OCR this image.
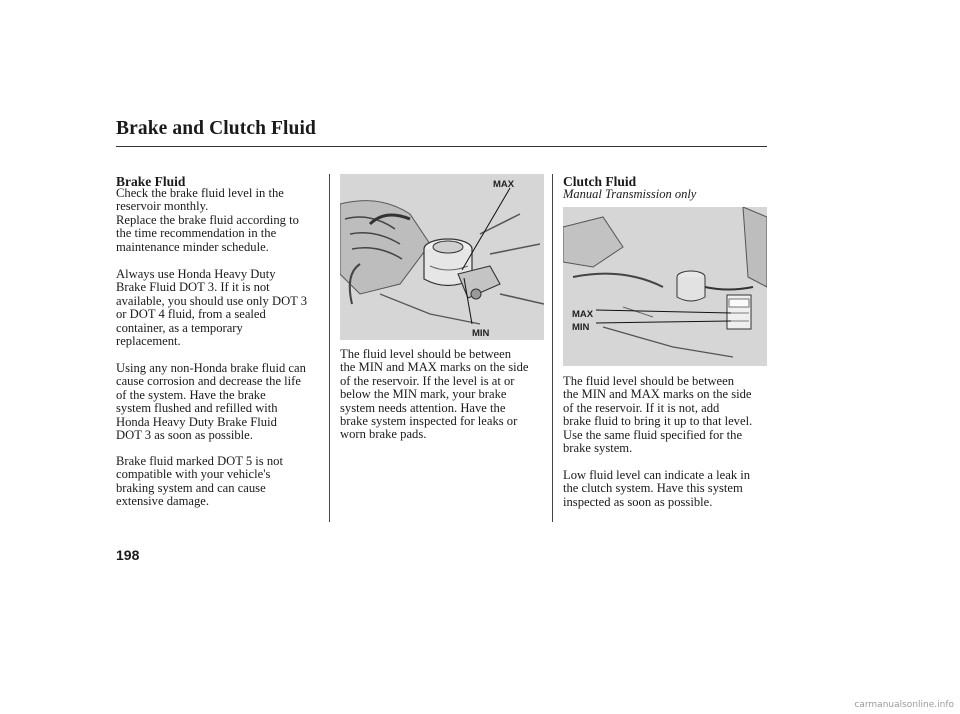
Brake and Clutch Fluid
Brake Fluid
Check the brake fluid level in the
reservoir monthly.
Replace the brake fluid according to
the time recommendation in the
maintenance minder schedule.
Always use Honda Heavy Duty
Brake Fluid DOT 3. If it is not
available, you should use only DOT 3
or DOT 4 fluid, from a sealed
container, as a temporary
replacement.
Using any non-Honda brake fluid can
cause corrosion and decrease the life
of the system. Have the brake
system flushed and refilled with
Honda Heavy Duty Brake Fluid
DOT 3 as soon as possible.
Brake fluid marked DOT 5 is not
compatible with your vehicle's
braking system and can cause
extensive damage.
MAX
MIN
The fluid level should be between
the MIN and MAX marks on the side
of the reservoir. If the level is at or
below the MIN mark, your brake
system needs attention. Have the
brake system inspected for leaks or
worn brake pads.
Clutch Fluid
Manual Transmission only
MAX
MIN
The fluid level should be between
the MIN and MAX marks on the side
of the reservoir. If it is not, add
brake fluid to bring it up to that level.
Use the same fluid specified for the
brake system.
Low fluid level can indicate a leak in
the clutch system. Have this system
inspected as soon as possible.
198
carmanualsonline.info
